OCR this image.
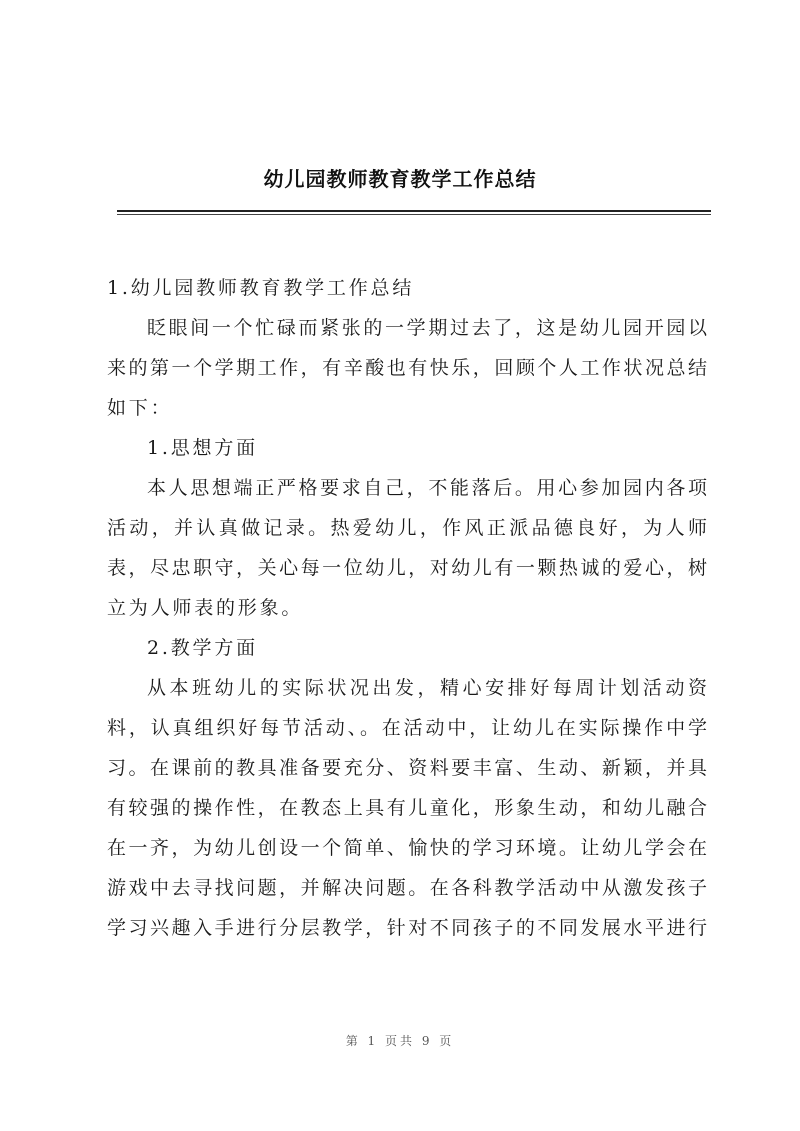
幼儿园教师教育教学工作总结
1.幼儿园教师教育教学工作总结
眨眼间一个忙碌而紧张的一学期过去了，这是幼儿园开园以
来的第一个学期工作，有辛酸也有快乐，回顾个人工作状况总结
如下：
1.思想方面
本人思想端正严格要求自己，不能落后。用心参加园内各项
活动，并认真做记录。热爱幼儿，作风正派品德良好，为人师
表，尽忠职守，关心每一位幼儿，对幼儿有一颗热诚的爱心，树
立为人师表的形象。
2.教学方面
从本班幼儿的实际状况出发，精心安排好每周计划活动资
料，认真组织好每节活动、。在活动中，让幼儿在实际操作中学
习。在课前的教具准备要充分、资料要丰富、生动、新颖，并具
有较强的操作性，在教态上具有儿童化，形象生动，和幼儿融合
在一齐，为幼儿创设一个简单、愉快的学习环境。让幼儿学会在
游戏中去寻找问题，并解决问题。在各科教学活动中从激发孩子
学习兴趣入手进行分层教学，针对不同孩子的不同发展水平进行
第 1 页共 9 页
